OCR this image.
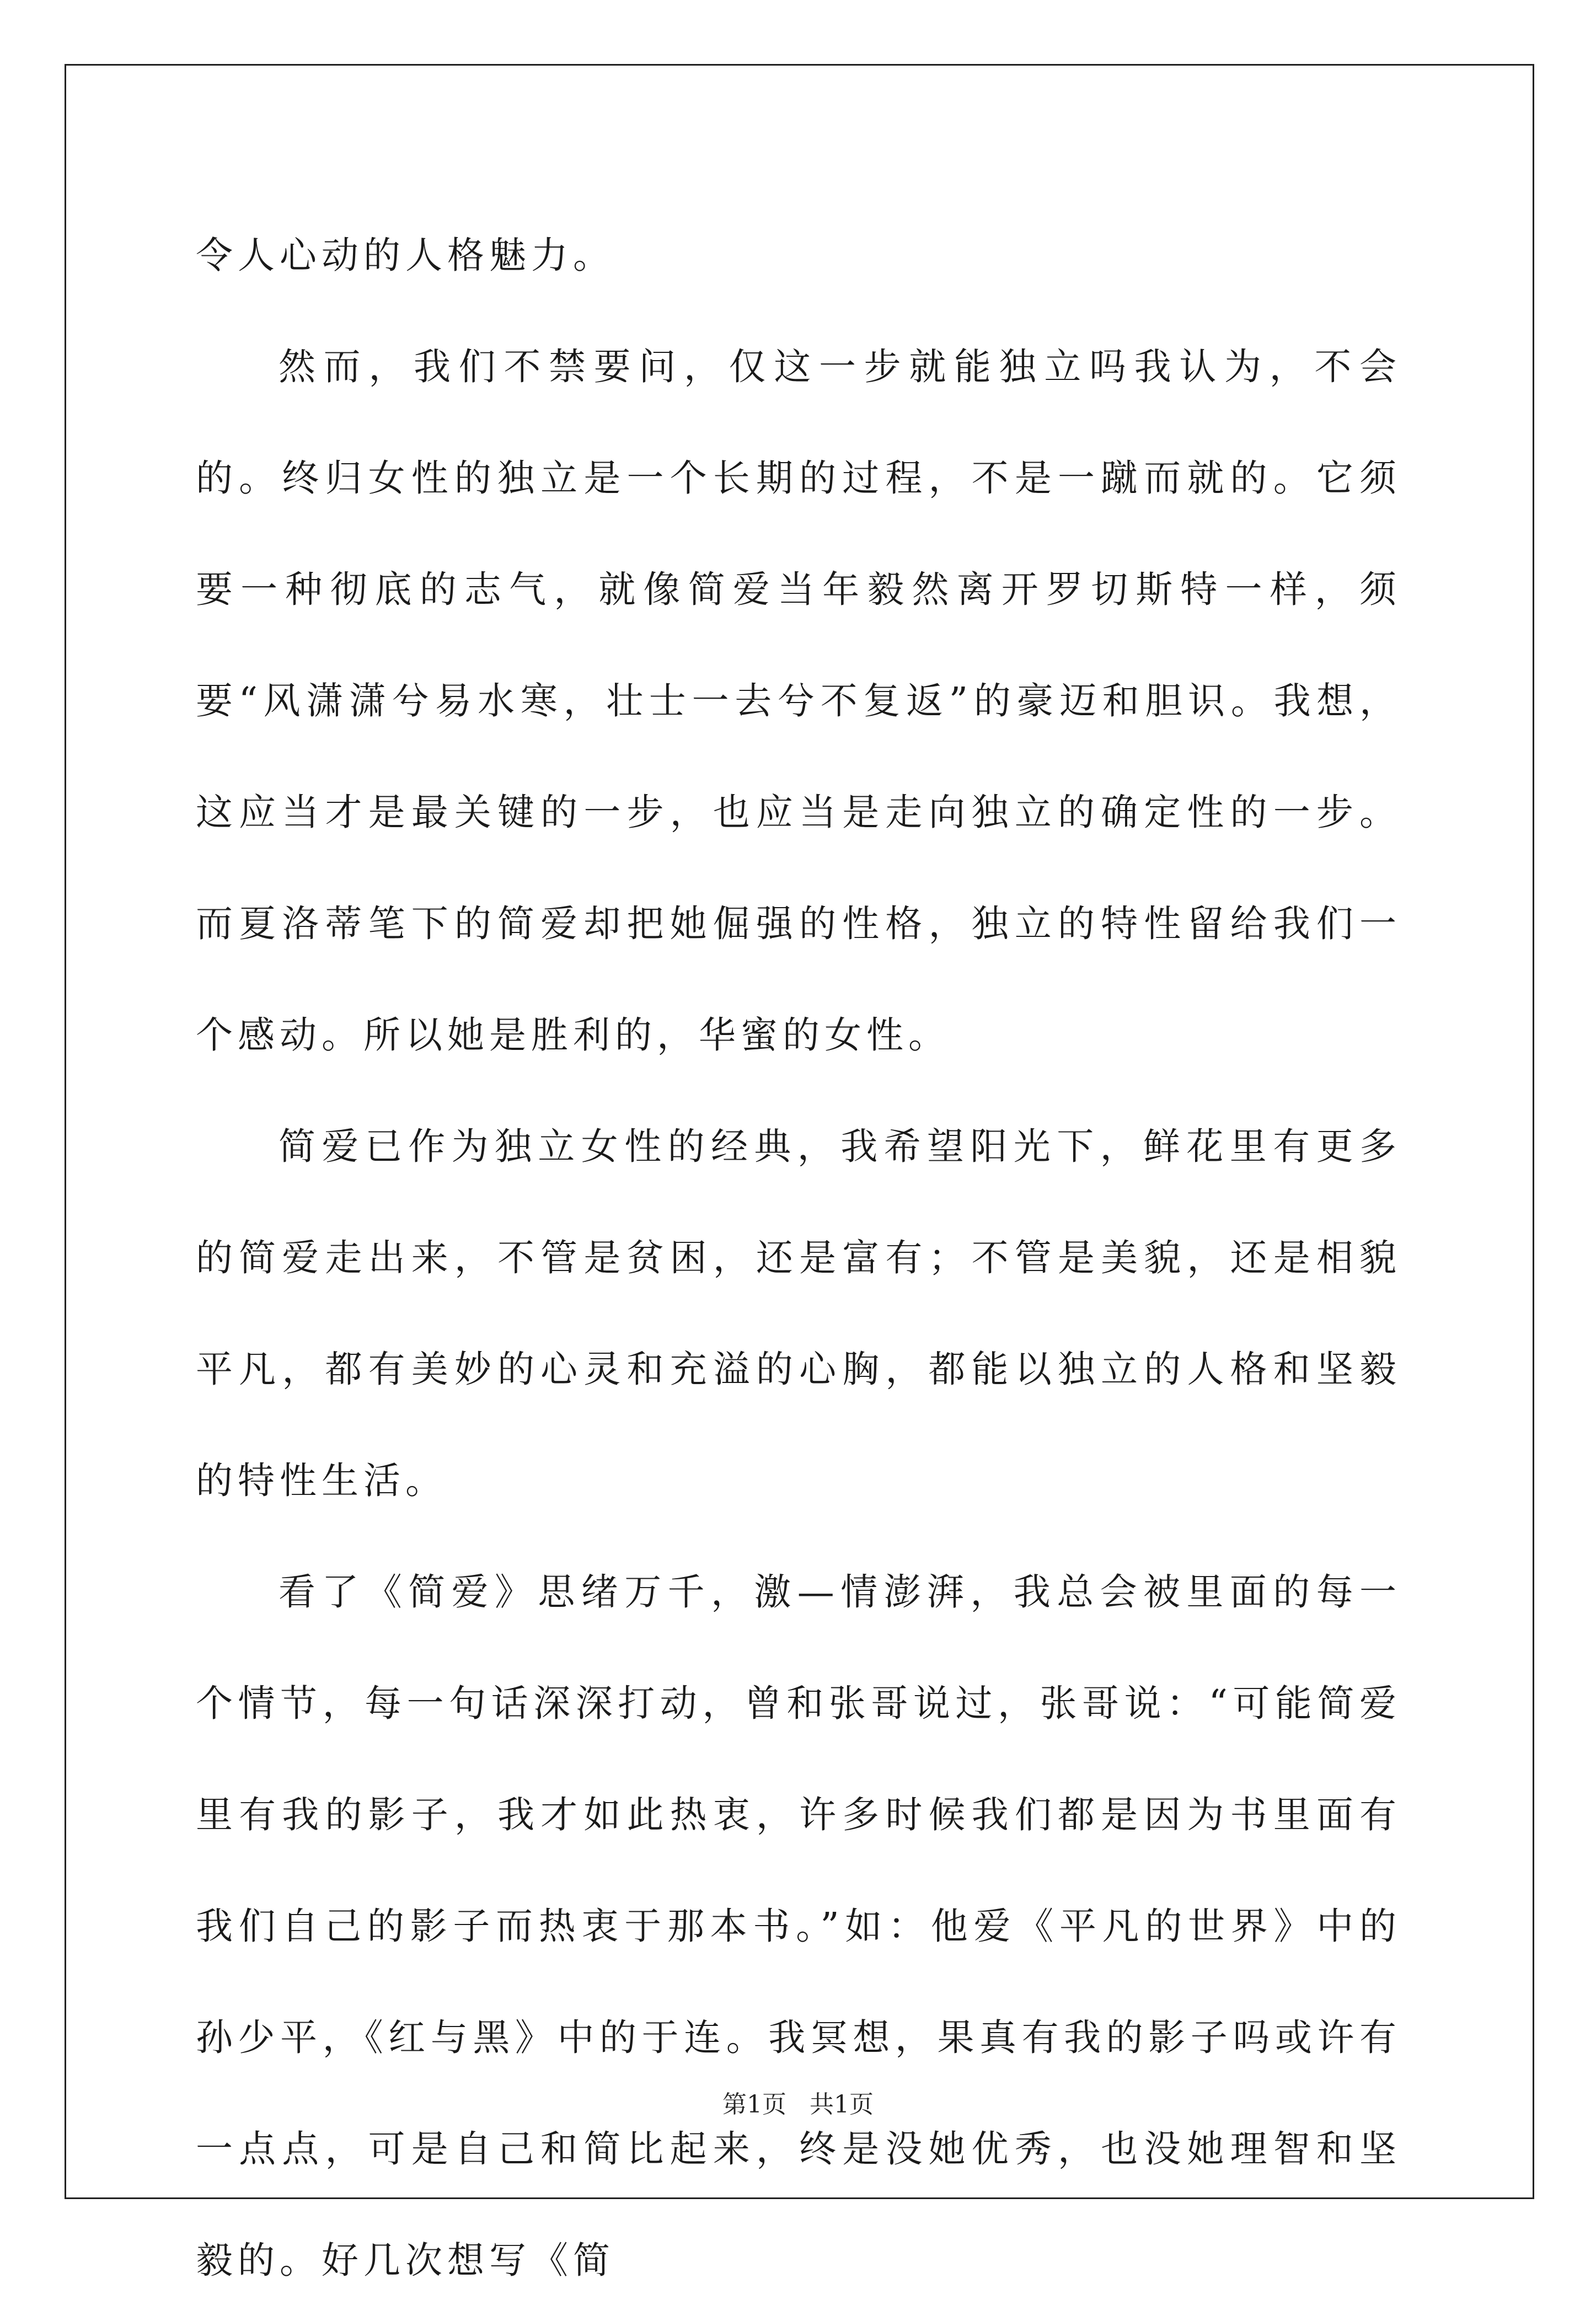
令人心动的人格魅力。

然而，我们不禁要问，仅这一步就能独立吗我认为，不会的。终归女性的独立是一个长期的过程，不是一蹴而就的。它须要一种彻底的志气，就像简爱当年毅然离开罗切斯特一样，须要“风潇潇兮易水寒，壮士一去兮不复返”的豪迈和胆识。我想，这应当才是最关键的一步，也应当是走向独立的确定性的一步。而夏洛蒂笔下的简爱却把她倔强的性格，独立的特性留给我们一个感动。所以她是胜利的，华蜜的女性。

简爱已作为独立女性的经典，我希望阳光下，鲜花里有更多的简爱走出来，不管是贫困，还是富有；不管是美貌，还是相貌平凡，都有美妙的心灵和充溢的心胸，都能以独立的人格和坚毅的特性生活。

看了《简爱》思绪万千，激—情澎湃，我总会被里面的每一个情节，每一句话深深打动，曾和张哥说过，张哥说：“可能简爱里有我的影子，我才如此热衷，许多时候我们都是因为书里面有我们自己的影子而热衷于那本书。”如：他爱《平凡的世界》中的孙少平，《红与黑》中的于连。我冥想，果真有我的影子吗或许有一点点，可是自己和简比起来，终是没她优秀，也没她理智和坚毅的。好几次想写《简

第1页 共1页
